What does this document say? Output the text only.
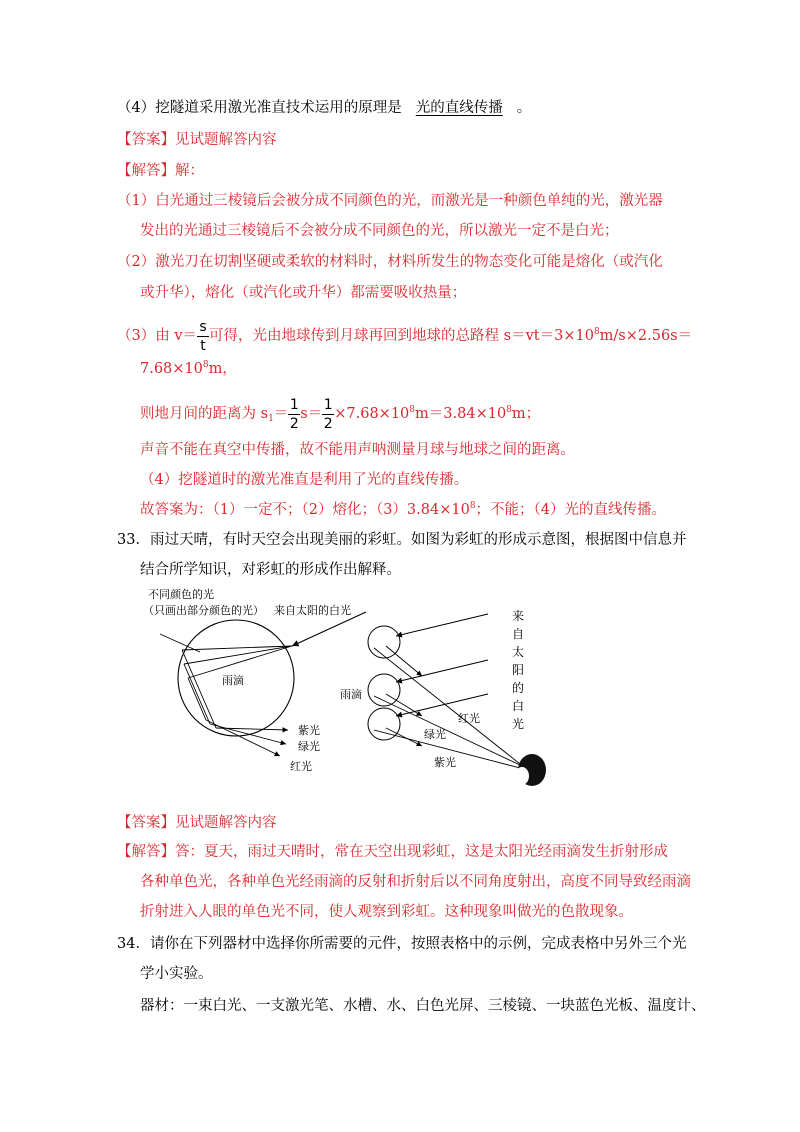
（4）挖隧道采用激光准直技术运用的原理是 光的直线传播 。
【答案】见试题解答内容
【解答】解：
（1）白光通过三棱镜后会被分成不同颜色的光，而激光是一种颜色单纯的光，激光器
发出的光通过三棱镜后不会被分成不同颜色的光，所以激光一定不是白光；
（2）激光刀在切割坚硬或柔软的材料时，材料所发生的物态变化可能是熔化（或汽化
或升华），熔化（或汽化或升华）都需要吸收热量；
（3）由 $v= \frac{s}{t}$ 可得，光由地球传到月球再回到地球的总路程 $s=vt=3\times 10^8m/s\times 2.56s=$
$7.68\times 10^8m$，
则地月间的距离为 $s_1= \frac{1}{2} s= \frac{1}{2} \times 7.68\times 10^8m=3.84\times 10^8m$；
声音不能在真空中传播，故不能用声呐测量月球与地球之间的距离。
（4）挖隧道时的激光准直是利用了光的直线传播。
故答案为：（1）一定不；（2）熔化；$(3)3.84\times 10^8$；不能；（4）光的直线传播。
33．雨过天晴，有时天空会出现美丽的彩虹。如图为彩虹的形成示意图，根据图中信息并
结合所学知识，对彩虹的形成作出解释。
不同颜色的光
（只画出部分颜色的光） 来自太阳的白光
雨滴
紫光
绿光
红光
雨滴
红光
绿光
紫光
来
自
太
阳
的
白
光
【答案】见试题解答内容
【解答】答：夏天，雨过天晴时，常在天空出现彩虹，这是太阳光经雨滴发生折射形成
各种单色光，各种单色光经雨滴的反射和折射后以不同角度射出，高度不同导致经雨滴
折射进入人眼的单色光不同，使人观察到彩虹。这种现象叫做光的色散现象。
34．请你在下列器材中选择你所需要的元件，按照表格中的示例，完成表格中另外三个光
学小实验。
器材：一束白光、一支激光笔、水槽、水、白色光屏、三棱镜、一块蓝色光板、温度计、
